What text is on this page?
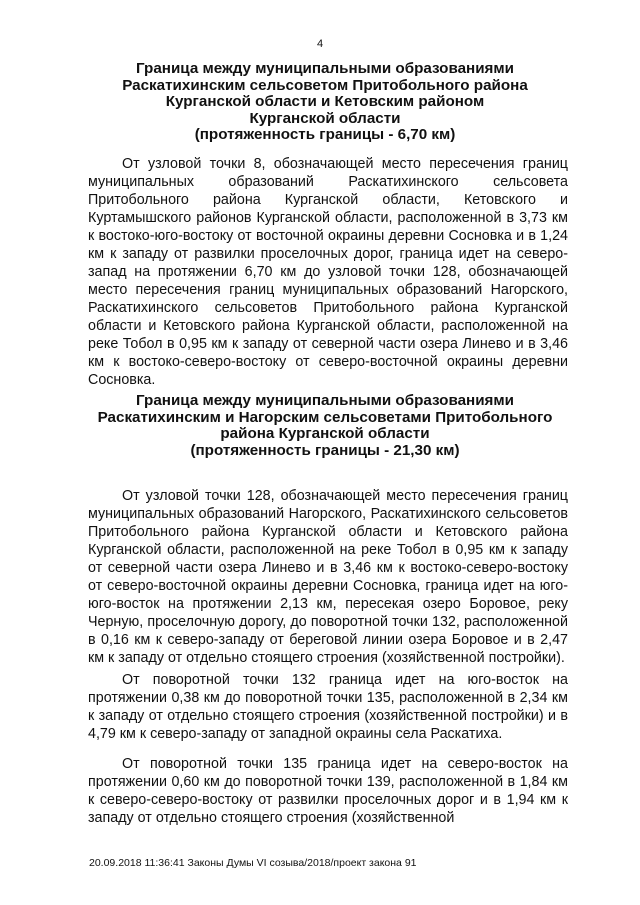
4
Граница между муниципальными образованиями
Раскатихинским сельсоветом Притобольного района
Курганской области и Кетовским районом
Курганской области
(протяженность границы - 6,70 км)

От узловой точки 8, обозначающей место пересечения границ муниципальных образований Раскатихинского сельсовета Притобольного района Курганской области, Кетовского и Куртамышского районов Курганской области, расположенной в 3,73 км к востоко-юго-востоку от восточной окраины деревни Сосновка и в 1,24 км к западу от развилки проселочных дорог, граница идет на северо-запад на протяжении 6,70 км до узловой точки 128, обозначающей место пересечения границ муниципальных образований Нагорского, Раскатихинского сельсоветов Притобольного района Курганской области и Кетовского района Курганской области, расположенной на реке Тобол в 0,95 км к западу от северной части озера Линево и в 3,46 км к востоко-северо-востоку от северо-восточной окраины деревни Сосновка.

Граница между муниципальными образованиями
Раскатихинским и Нагорским сельсоветами Притобольного
района Курганской области
(протяженность границы - 21,30 км)

От узловой точки 128, обозначающей место пересечения границ муниципальных образований Нагорского, Раскатихинского сельсоветов Притобольного района Курганской области и Кетовского района Курганской области, расположенной на реке Тобол в 0,95 км к западу от северной части озера Линево и в 3,46 км к востоко-северо-востоку от северо-восточной окраины деревни Сосновка, граница идет на юго-юго-восток на протяжении 2,13 км, пересекая озеро Боровое, реку Черную, проселочную дорогу, до поворотной точки 132, расположенной в 0,16 км к северо-западу от береговой линии озера Боровое и в 2,47 км к западу от отдельно стоящего строения (хозяйственной постройки).

От поворотной точки 132 граница идет на юго-восток на протяжении 0,38 км до поворотной точки 135, расположенной в 2,34 км к западу от отдельно стоящего строения (хозяйственной постройки) и в 4,79 км к северо-западу от западной окраины села Раскатиха.

От поворотной точки 135 граница идет на северо-восток на протяжении 0,60 км до поворотной точки 139, расположенной в 1,84 км к северо-северо-востоку от развилки проселочных дорог и в 1,94 км к западу от отдельно стоящего строения (хозяйственной

20.09.2018 11:36:41 Законы Думы VI созыва/2018/проект закона 91
